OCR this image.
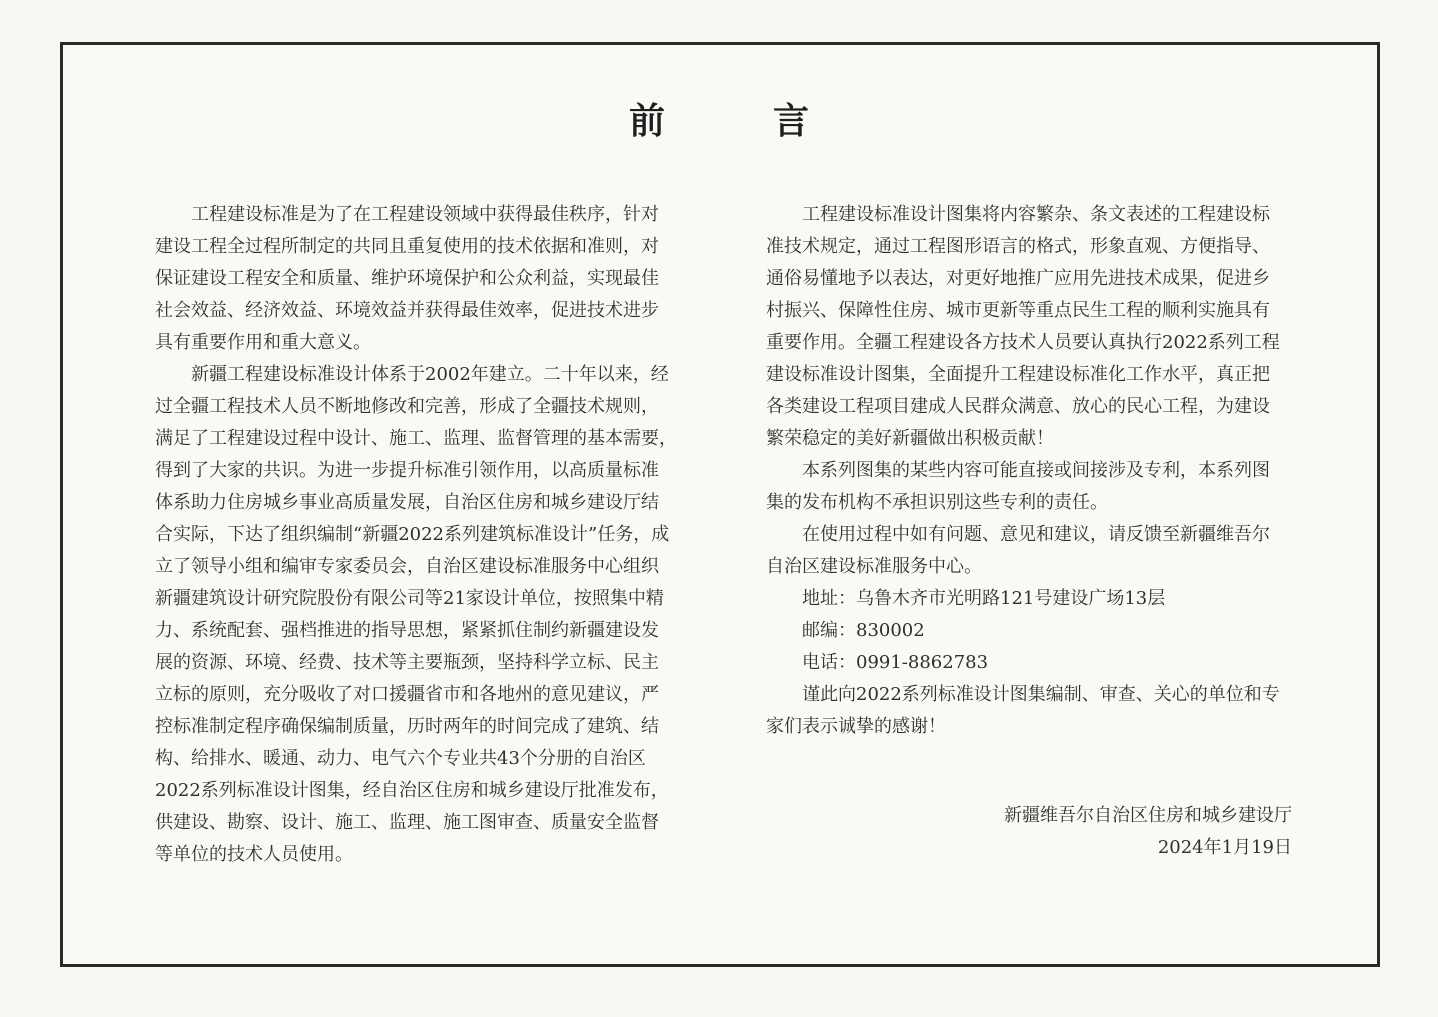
前　言
工程建设标准是为了在工程建设领域中获得最佳秩序，针对
建设工程全过程所制定的共同且重复使用的技术依据和准则，对
保证建设工程安全和质量、维护环境保护和公众利益，实现最佳
社会效益、经济效益、环境效益并获得最佳效率，促进技术进步
具有重要作用和重大意义。
新疆工程建设标准设计体系于2002年建立。二十年以来，经
过全疆工程技术人员不断地修改和完善，形成了全疆技术规则，
满足了工程建设过程中设计、施工、监理、监督管理的基本需要，
得到了大家的共识。为进一步提升标准引领作用，以高质量标准
体系助力住房城乡事业高质量发展，自治区住房和城乡建设厅结
合实际，下达了组织编制“新疆2022系列建筑标准设计”任务，成
立了领导小组和编审专家委员会，自治区建设标准服务中心组织
新疆建筑设计研究院股份有限公司等21家设计单位，按照集中精
力、系统配套、强档推进的指导思想，紧紧抓住制约新疆建设发
展的资源、环境、经费、技术等主要瓶颈，坚持科学立标、民主
立标的原则，充分吸收了对口援疆省市和各地州的意见建议，严
控标准制定程序确保编制质量，历时两年的时间完成了建筑、结
构、给排水、暖通、动力、电气六个专业共43个分册的自治区
2022系列标准设计图集，经自治区住房和城乡建设厅批准发布，
供建设、勘察、设计、施工、监理、施工图审查、质量安全监督
等单位的技术人员使用。
工程建设标准设计图集将内容繁杂、条文表述的工程建设标
准技术规定，通过工程图形语言的格式，形象直观、方便指导、
通俗易懂地予以表达，对更好地推广应用先进技术成果，促进乡
村振兴、保障性住房、城市更新等重点民生工程的顺利实施具有
重要作用。全疆工程建设各方技术人员要认真执行2022系列工程
建设标准设计图集，全面提升工程建设标准化工作水平，真正把
各类建设工程项目建成人民群众满意、放心的民心工程，为建设
繁荣稳定的美好新疆做出积极贡献！
本系列图集的某些内容可能直接或间接涉及专利，本系列图
集的发布机构不承担识别这些专利的责任。
在使用过程中如有问题、意见和建议，请反馈至新疆维吾尔
自治区建设标准服务中心。
地址：乌鲁木齐市光明路121号建设广场13层
邮编：830002
电话：0991-8862783
谨此向2022系列标准设计图集编制、审查、关心的单位和专
家们表示诚挚的感谢！
新疆维吾尔自治区住房和城乡建设厅
2024年1月19日
